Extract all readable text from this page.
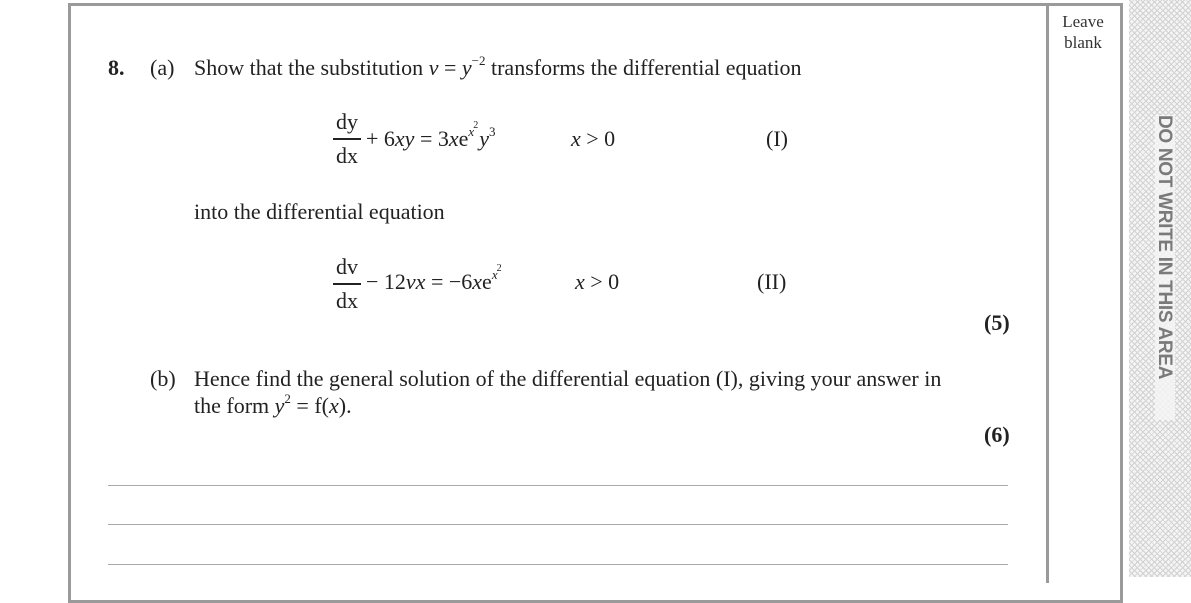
Leave
blank
DO NOT WRITE IN THIS AREA
8. (a) Show that the substitution $v = y^{-2}$ transforms the differential equation
dy
dx
+ $6xy = 3xe^{x2}y^3$	x > 0	(I)
into the differential equation
dv
dx
− $12vx = -6xe^{x2}$
x > 0	(II)
(5)
(b) Hence find the general solution of the differential equation (I), giving your answer in
the form $y^2 = f(x)$.
(6)
